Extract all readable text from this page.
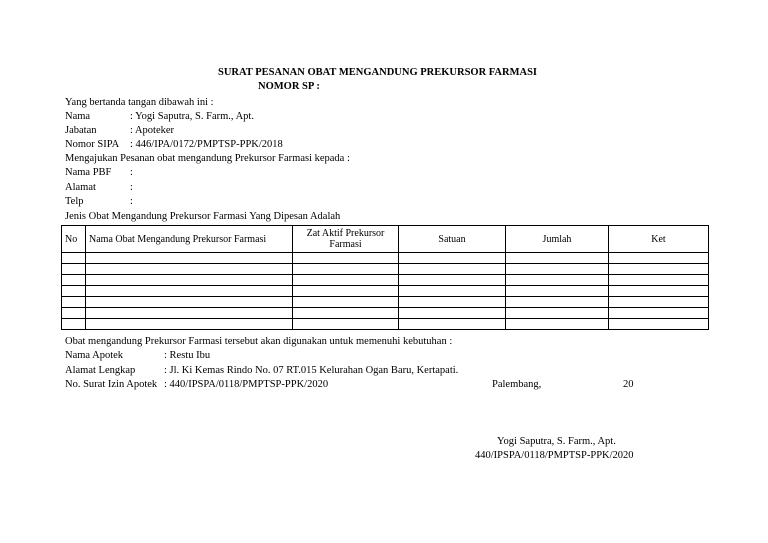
SURAT PESANAN OBAT MENGANDUNG PREKURSOR FARMASI
NOMOR SP :
Yang bertanda tangan dibawah ini :
Nama	: Yogi Saputra, S. Farm., Apt.
Jabatan	: Apoteker
Nomor SIPA : 446/IPA/0172/PMPTSP-PPK/2018
Mengajukan Pesanan obat mengandung Prekursor Farmasi kepada :
Nama PBF :
Alamat	:
Telp	:
Jenis Obat Mengandung Prekursor Farmasi Yang Dipesan Adalah
No	Nama Obat Mengandung Prekursor Farmasi	Zat Aktif Prekursor Farmasi	Satuan	Jumlah	Ket

Obat mengandung Prekursor Farmasi tersebut akan digunakan untuk memenuhi kebutuhan :
Nama Apotek	: Restu Ibu
Alamat Lengkap	: Jl. Ki Kemas Rindo No. 07 RT.015 Kelurahan Ogan Baru, Kertapati.
No. Surat Izin Apotek : 440/IPSPA/0118/PMPTSP-PPK/2020	Palembang,	20
Yogi Saputra, S. Farm., Apt.
440/IPSPA/0118/PMPTSP-PPK/2020
